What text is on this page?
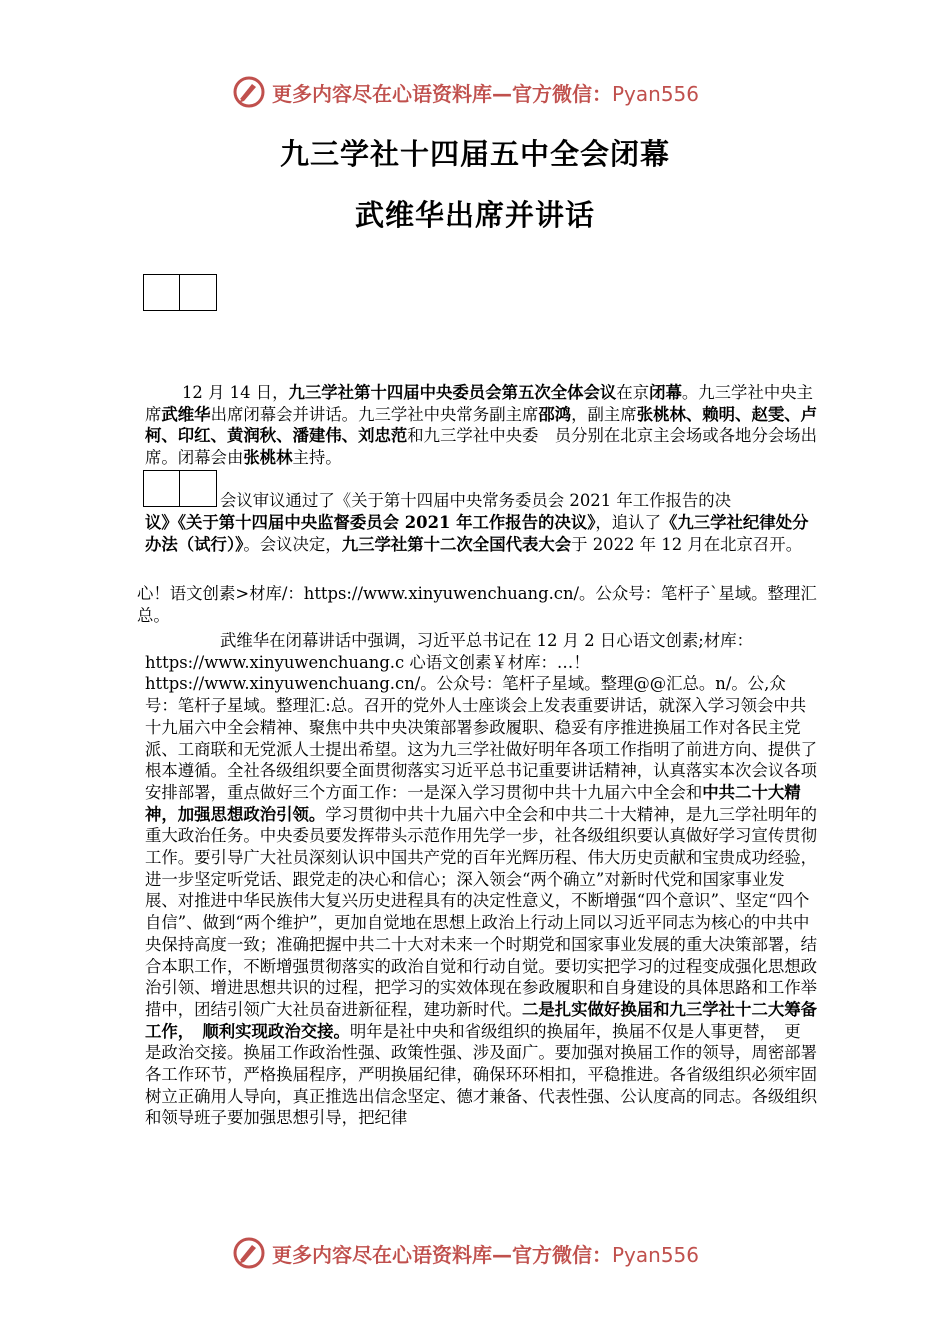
更多内容尽在心语资料库—官方微信：Pyan556
九三学社十四届五中全会闭幕
武维华出席并讲话

12 月 14 日，九三学社第十四届中央委员会第五次全体会议在京闭幕。九三学社中央主席武维华出席闭幕会并讲话。九三学社中央常务副主席邵鸿，副主席张桃林、赖明、赵雯、卢柯、印红、黄润秋、潘建伟、刘忠范和九三学社中央委　员分别在北京主会场或各地分会场出席。闭幕会由张桃林主持。

会议审议通过了《关于第十四届中央常务委员会 2021 年工作报告的决

议》《关于第十四届中央监督委员会 2021 年工作报告的决议》，追认了《九三学社纪律处分办法（试行）》。会议决定，九三学社第十二次全国代表大会于 2022 年 12 月在北京召开。

心！语文创素>材库/：https://www.xinyuwenchuang.cn/。公众号：笔杆子`星域。整理汇总。

武维华在闭幕讲话中强调，习近平总书记在 12 月 2 日心语文创素;材库：https://www.xinyuwenchuang.c 心语文创素￥材库：…！https://www.xinyuwenchuang.cn/。公众号：笔杆子星域。整理@@汇总。n/。公,众号：笔杆子星域。整理汇:总。召开的党外人士座谈会上发表重要讲话，就深入学习领会中共十九届六中全会精神、聚焦中共中央决策部署参政履职、稳妥有序推进换届工作对各民主党派、工商联和无党派人士提出希望。这为九三学社做好明年各项工作指明了前进方向、提供了根本遵循。全社各级组织要全面贯彻落实习近平总书记重要讲话精神，认真落实本次会议各项安排部署，重点做好三个方面工作：一是深入学习贯彻中共十九届六中全会和中共二十大精神，加强思想政治引领。学习贯彻中共十九届六中全会和中共二十大精神，是九三学社明年的重大政治任务。中央委员要发挥带头示范作用先学一步，社各级组织要认真做好学习宣传贯彻工作。要引导广大社员深刻认识中国共产党的百年光辉历程、伟大历史贡献和宝贵成功经验，进一步坚定听党话、跟党走的决心和信心；深入领会“两个确立”对新时代党和国家事业发展、对推进中华民族伟大复兴历史进程具有的决定性意义，不断增强“四个意识”、坚定“四个自信”、做到“两个维护”，更加自觉地在思想上政治上行动上同以习近平同志为核心的中共中央保持高度一致；准确把握中共二十大对未来一个时期党和国家事业发展的重大决策部署，结合本职工作，不断增强贯彻落实的政治自觉和行动自觉。要切实把学习的过程变成强化思想政治引领、增进思想共识的过程，把学习的实效体现在参政履职和自身建设的具体思路和工作举措中，团结引领广大社员奋进新征程，建功新时代。二是扎实做好换届和九三学社十二大筹备工作，　顺利实现政治交接。明年是社中央和省级组织的换届年，换届不仅是人事更替，　更是政治交接。换届工作政治性强、政策性强、涉及面广。要加强对换届工作的领导，周密部署各工作环节，严格换届程序，严明换届纪律，确保环环相扣，平稳推进。各省级组织必须牢固树立正确用人导向，真正推选出信念坚定、德才兼备、代表性强、公认度高的同志。各级组织和领导班子要加强思想引导，把纪律

更多内容尽在心语资料库—官方微信：Pyan556
